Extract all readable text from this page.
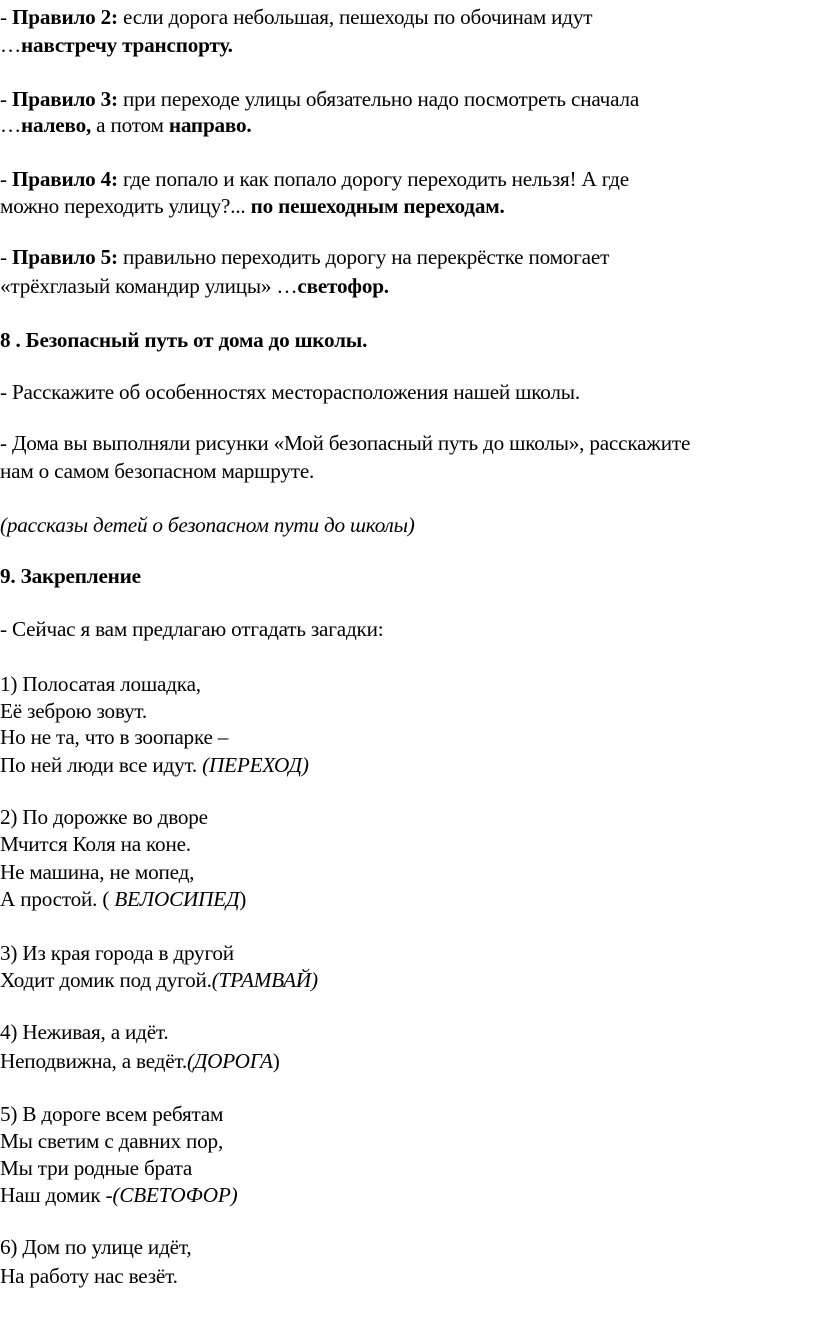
- Правило 2: если дорога небольшая, пешеходы по обочинам идут
…навстречу транспорту.
- Правило 3: при переходе улицы обязательно надо посмотреть сначала
…налево, а потом направо.
- Правило 4: где попало и как попало дорогу переходить нельзя! А где
можно переходить улицу?... по пешеходным переходам.
- Правило 5: правильно переходить дорогу на перекрёстке помогает
«трёхглазый командир улицы» …светофор.
8 . Безопасный путь от дома до школы.
- Расскажите об особенностях месторасположения нашей школы.
- Дома вы выполняли рисунки «Мой безопасный путь до школы», расскажите
нам о самом безопасном маршруте.
(рассказы детей о безопасном пути до школы)
9. Закрепление
- Сейчас я вам предлагаю отгадать загадки:
1) Полосатая лошадка,
Её зеброю зовут.
Но не та, что в зоопарке –
По ней люди все идут. (ПЕРЕХОД)
2) По дорожке во дворе
Мчится Коля на коне.
Не машина, не мопед,
А простой. ( ВЕЛОСИПЕД)
3) Из края города в другой
Ходит домик под дугой.(ТРАМВАЙ)
4) Неживая, а идёт.
Неподвижна, а ведёт.(ДОРОГА)
5) В дороге всем ребятам
Мы светим с давних пор,
Мы три родные брата
Наш домик -(СВЕТОФОР)
6) Дом по улице идёт,
На работу нас везёт.
